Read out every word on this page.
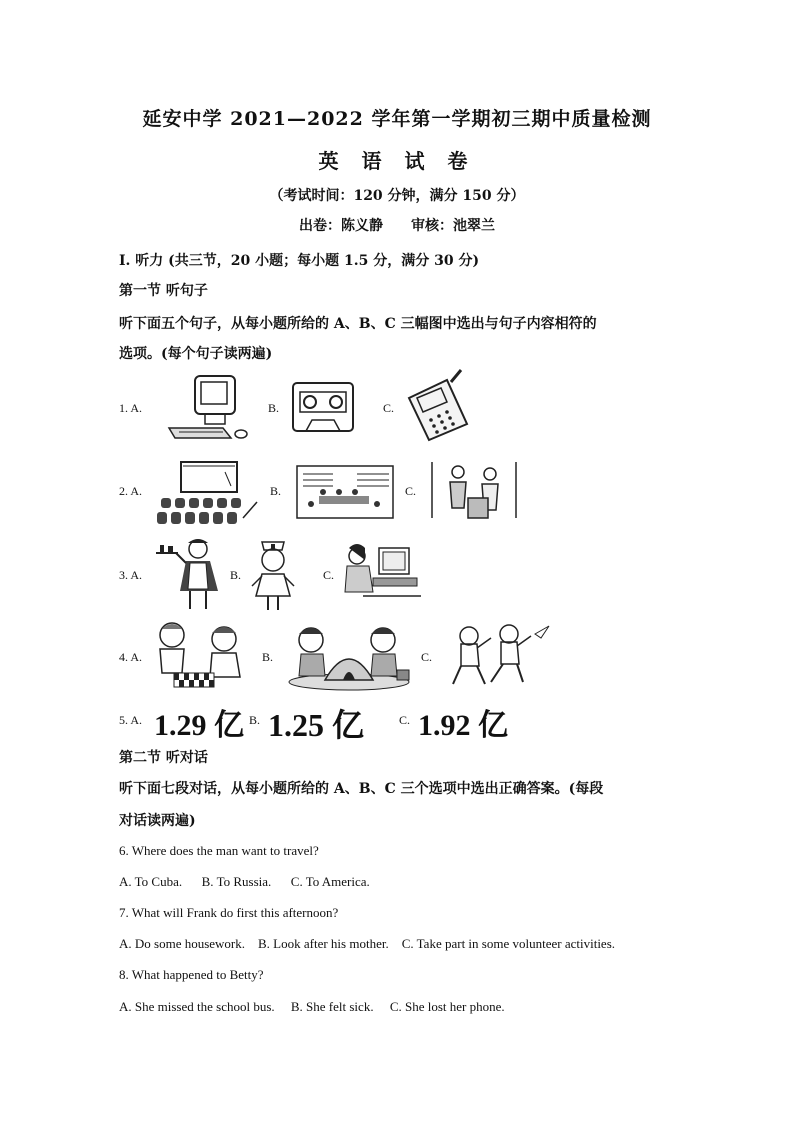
延安中学 2021—2022 学年第一学期初三期中质量检测
英 语 试 卷
（考试时间：120 分钟，满分 150 分）
出卷：陈义静　　审核：池翠兰
Ⅰ. 听力 (共三节，20 小题；每小题 1.5 分，满分 30 分)
第一节 听句子
听下面五个句子，从每小题所给的 A、B、C 三幅图中选出与句子内容相符的
选项。(每个句子读两遍)
1. A.	B.	C.
2. A.	B.	C.
3. A.	B.	C.
4. A.	B.	C.
5. A. 1.29 亿 B. 1.25 亿	C. 1.92 亿
第二节 听对话
听下面七段对话，从每小题所给的 A、B、C 三个选项中选出正确答案。(每段
对话读两遍)
6. Where does the man want to travel?
A. To Cuba.      B. To Russia.      C. To America.
7. What will Frank do first this afternoon?
A. Do some housework.    B. Look after his mother.    C. Take part in some volunteer activities.
8. What happened to Betty?
A. She missed the school bus.     B. She felt sick.     C. She lost her phone.
